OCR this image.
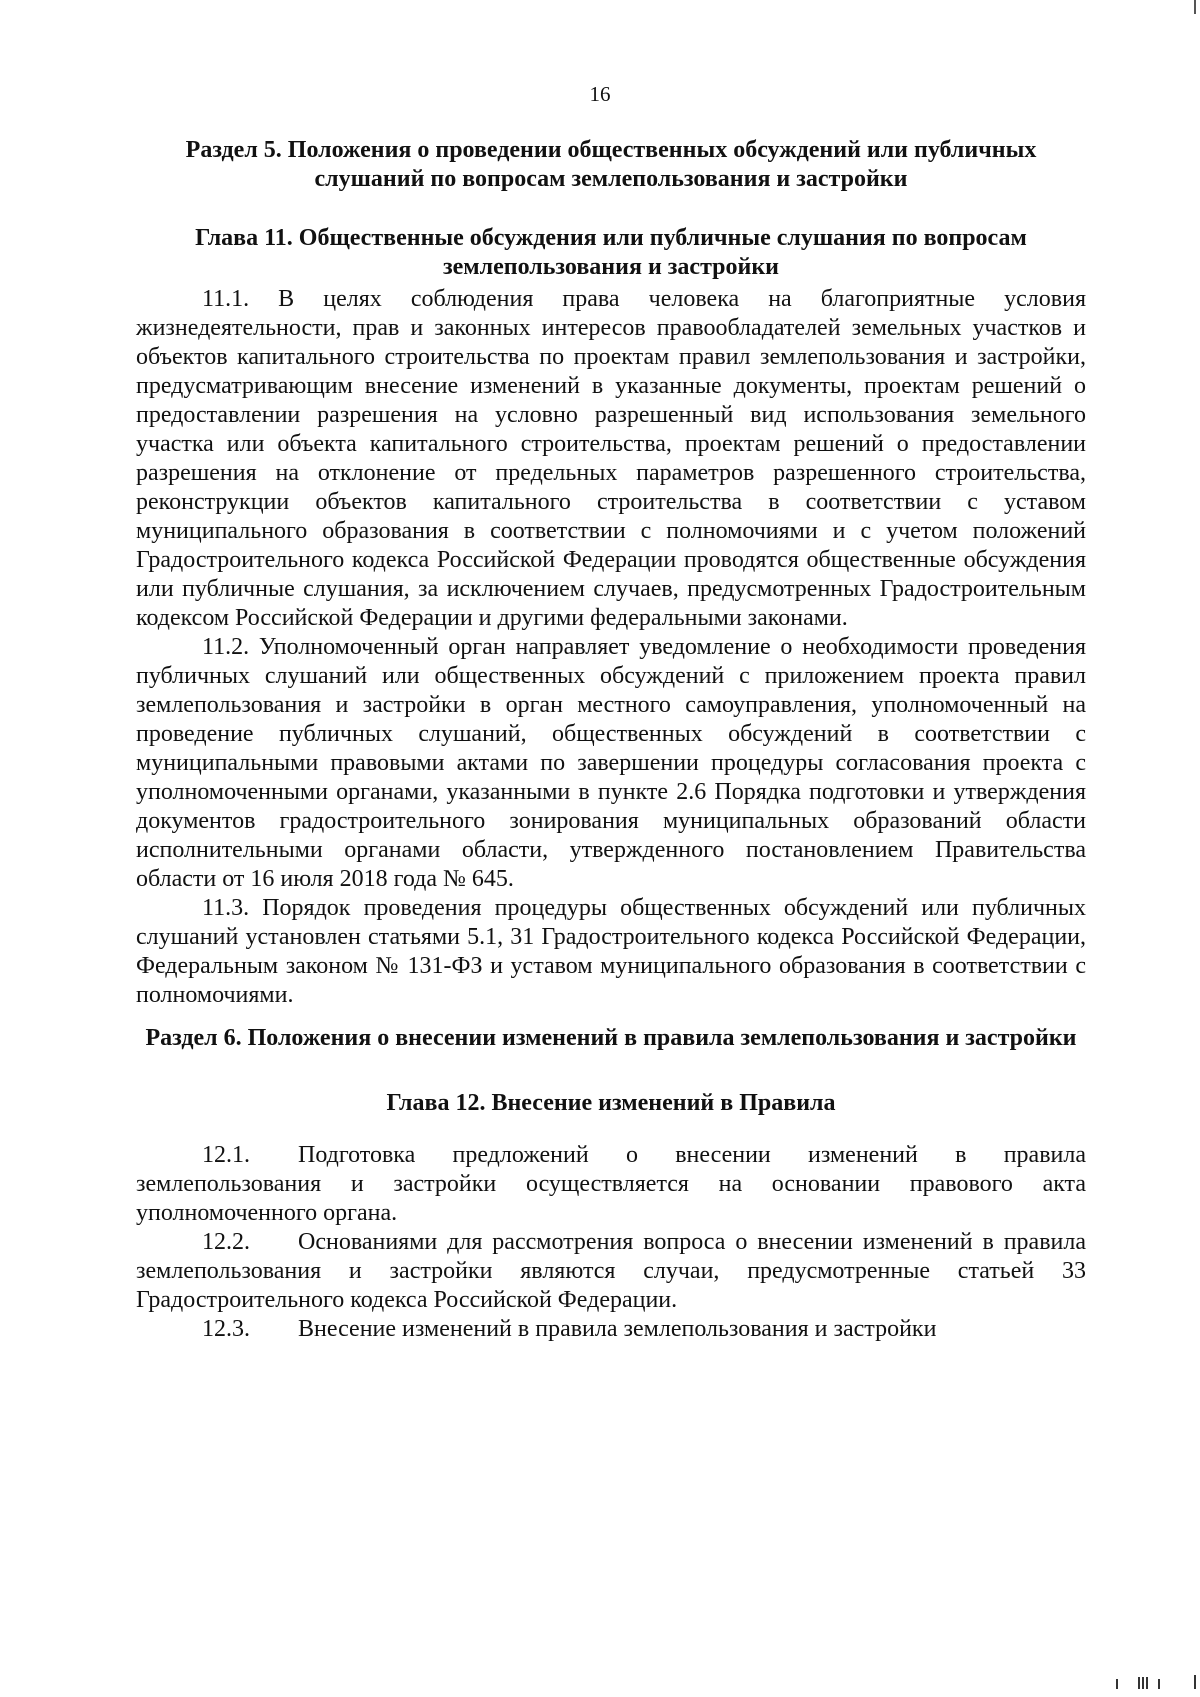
16
Раздел 5. Положения о проведении общественных обсуждений или публичных слушаний по вопросам землепользования и застройки
Глава 11. Общественные обсуждения или публичные слушания по вопросам землепользования и застройки

11.1. В целях соблюдения права человека на благоприятные условия жизнедеятельности, прав и законных интересов правообладателей земельных участков и объектов капитального строительства по проектам правил землепользования и застройки, предусматривающим внесение изменений в указанные документы, проектам решений о предоставлении разрешения на условно разрешенный вид использования земельного участка или объекта капитального строительства, проектам решений о предоставлении разрешения на отклонение от предельных параметров разрешенного строительства, реконструкции объектов капитального строительства в соответствии с уставом муниципального образования в соответствии с полномочиями и с учетом положений Градостроительного кодекса Российской Федерации проводятся общественные обсуждения или публичные слушания, за исключением случаев, предусмотренных Градостроительным кодексом Российской Федерации и другими федеральными законами.

11.2. Уполномоченный орган направляет уведомление о необходимости проведения публичных слушаний или общественных обсуждений с приложением проекта правил землепользования и застройки в орган местного самоуправления, уполномоченный на проведение публичных слушаний, общественных обсуждений в соответствии с муниципальными правовыми актами по завершении процедуры согласования проекта с уполномоченными органами, указанными в пункте 2.6 Порядка подготовки и утверждения документов градостроительного зонирования муниципальных образований области исполнительными органами области, утвержденного постановлением Правительства области от 16 июля 2018 года № 645.

11.3. Порядок проведения процедуры общественных обсуждений или публичных слушаний установлен статьями 5.1, 31 Градостроительного кодекса Российской Федерации, Федеральным законом № 131-ФЗ и уставом муниципального образования в соответствии с полномочиями.

Раздел 6. Положения о внесении изменений в правила землепользования и застройки
Глава 12. Внесение изменений в Правила

12.1. Подготовка предложений о внесении изменений в правила землепользования и застройки осуществляется на основании правового акта уполномоченного органа.

12.2. Основаниями для рассмотрения вопроса о внесении изменений в правила землепользования и застройки являются случаи, предусмотренные статьей 33 Градостроительного кодекса Российской Федерации.

12.3. Внесение изменений в правила землепользования и застройки
